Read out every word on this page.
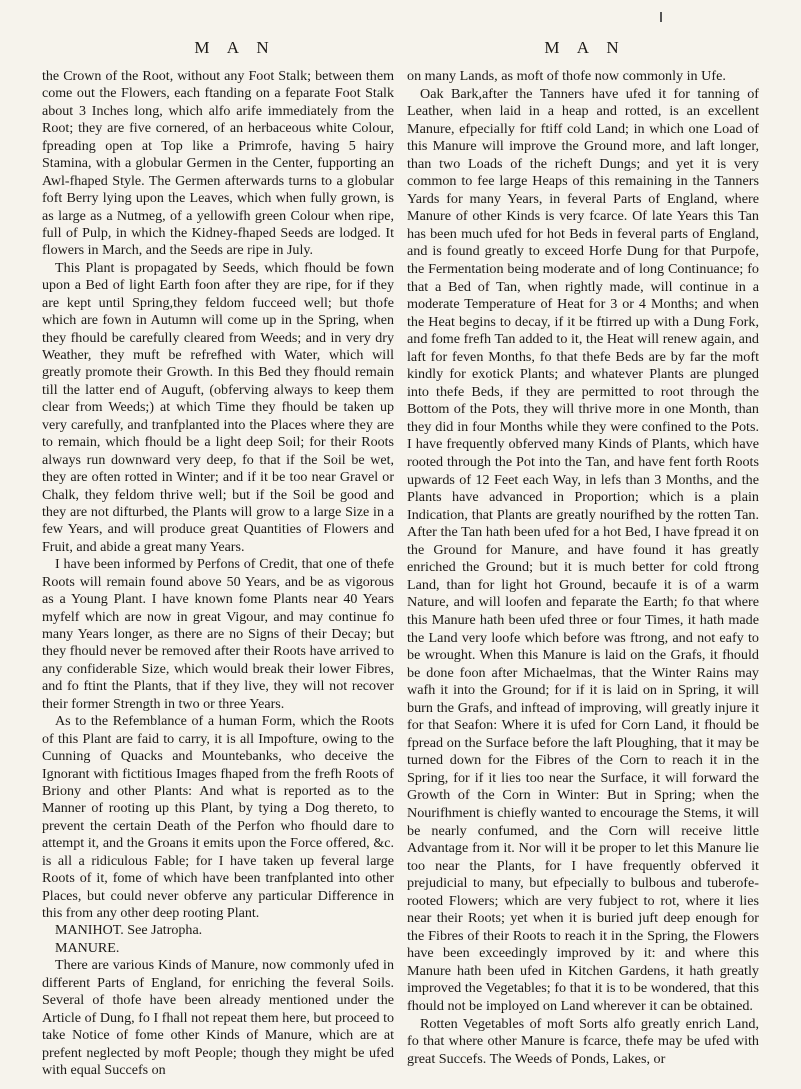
M A N	M A N

the Crown of the Root, without any Foot Stalk; between them come out the Flowers, each ftanding on a feparate Foot Stalk about 3 Inches long, which alfo arife immediately from the Root; they are five cornered, of an herbaceous white Colour, fpreading open at Top like a Primrofe, having 5 hairy Stamina, with a globular Germen in the Center, fupporting an Awl-fhaped Style. The Germen afterwards turns to a globular foft Berry lying upon the Leaves, which when fully grown, is as large as a Nutmeg, of a yellowifh green Colour when ripe, full of Pulp, in which the Kidney-fhaped Seeds are lodged. It flowers in March, and the Seeds are ripe in July.

This Plant is propagated by Seeds, which fhould be fown upon a Bed of light Earth foon after they are ripe, for if they are kept until Spring,they feldom fucceed well; but thofe which are fown in Autumn will come up in the Spring, when they fhould be carefully cleared from Weeds; and in very dry Weather, they muft be refrefhed with Water, which will greatly promote their Growth. In this Bed they fhould remain till the latter end of Auguft, (obferving always to keep them clear from Weeds;) at which Time they fhould be taken up very carefully, and tranfplanted into the Places where they are to remain, which fhould be a light deep Soil; for their Roots always run downward very deep, fo that if the Soil be wet, they are often rotted in Winter; and if it be too near Gravel or Chalk, they feldom thrive well; but if the Soil be good and they are not difturbed, the Plants will grow to a large Size in a few Years, and will produce great Quantities of Flowers and Fruit, and abide a great many Years.

I have been informed by Perfons of Credit, that one of thefe Roots will remain found above 50 Years, and be as vigorous as a Young Plant. I have known fome Plants near 40 Years myfelf which are now in great Vigour, and may continue fo many Years longer, as there are no Signs of their Decay; but they fhould never be removed after their Roots have arrived to any confiderable Size, which would break their lower Fibres, and fo ftint the Plants, that if they live, they will not recover their former Strength in two or three Years.

As to the Refemblance of a human Form, which the Roots of this Plant are faid to carry, it is all Impofture, owing to the Cunning of Quacks and Mountebanks, who deceive the Ignorant with fictitious Images fhaped from the frefh Roots of Briony and other Plants: And what is reported as to the Manner of rooting up this Plant, by tying a Dog thereto, to prevent the certain Death of the Perfon who fhould dare to attempt it, and the Groans it emits upon the Force offered, &c. is all a ridiculous Fable; for I have taken up feveral large Roots of it, fome of which have been tranfplanted into other Places, but could never obferve any particular Difference in this from any other deep rooting Plant.

MANIHOT. See Jatropha.

MANURE.

There are various Kinds of Manure, now commonly ufed in different Parts of England, for enriching the feveral Soils. Several of thofe have been already mentioned under the Article of Dung, fo I fhall not repeat them here, but proceed to take Notice of fome other Kinds of Manure, which are at prefent neglected by moft People; though they might be ufed with equal Succefs on

on many Lands, as moft of thofe now commonly in Ufe.

Oak Bark,after the Tanners have ufed it for tanning of Leather, when laid in a heap and rotted, is an excellent Manure, efpecially for ftiff cold Land; in which one Load of this Manure will improve the Ground more, and laft longer, than two Loads of the richeft Dungs; and yet it is very common to fee large Heaps of this remaining in the Tanners Yards for many Years, in feveral Parts of England, where Manure of other Kinds is very fcarce. Of late Years this Tan has been much ufed for hot Beds in feveral parts of England, and is found greatly to exceed Horfe Dung for that Purpofe, the Fermentation being moderate and of long Continuance; fo that a Bed of Tan, when rightly made, will continue in a moderate Temperature of Heat for 3 or 4 Months; and when the Heat begins to decay, if it be ftirred up with a Dung Fork, and fome frefh Tan added to it, the Heat will renew again, and laft for feven Months, fo that thefe Beds are by far the moft kindly for exotick Plants; and whatever Plants are plunged into thefe Beds, if they are permitted to root through the Bottom of the Pots, they will thrive more in one Month, than they did in four Months while they were confined to the Pots. I have frequently obferved many Kinds of Plants, which have rooted through the Pot into the Tan, and have fent forth Roots upwards of 12 Feet each Way, in lefs than 3 Months, and the Plants have advanced in Proportion; which is a plain Indication, that Plants are greatly nourifhed by the rotten Tan. After the Tan hath been ufed for a hot Bed, I have fpread it on the Ground for Manure, and have found it has greatly enriched the Ground; but it is much better for cold ftrong Land, than for light hot Ground, becaufe it is of a warm Nature, and will loofen and feparate the Earth; fo that where this Manure hath been ufed three or four Times, it hath made the Land very loofe which before was ftrong, and not eafy to be wrought. When this Manure is laid on the Grafs, it fhould be done foon after Michaelmas, that the Winter Rains may wafh it into the Ground; for if it is laid on in Spring, it will burn the Grafs, and inftead of improving, will greatly injure it for that Seafon: Where it is ufed for Corn Land, it fhould be fpread on the Surface before the laft Ploughing, that it may be turned down for the Fibres of the Corn to reach it in the Spring, for if it lies too near the Surface, it will forward the Growth of the Corn in Winter: But in Spring; when the Nourifhment is chiefly wanted to encourage the Stems, it will be nearly confumed, and the Corn will receive little Advantage from it. Nor will it be proper to let this Manure lie too near the Plants, for I have frequently obferved it prejudicial to many, but efpecially to bulbous and tuberofe-rooted Flowers; which are very fubject to rot, where it lies near their Roots; yet when it is buried juft deep enough for the Fibres of their Roots to reach it in the Spring, the Flowers have been exceedingly improved by it: and where this Manure hath been ufed in Kitchen Gardens, it hath greatly improved the Vegetables; fo that it is to be wondered, that this fhould not be imployed on Land wherever it can be obtained.

Rotten Vegetables of moft Sorts alfo greatly enrich Land, fo that where other Manure is fcarce, thefe may be ufed with great Succefs. The Weeds of Ponds, Lakes, or
